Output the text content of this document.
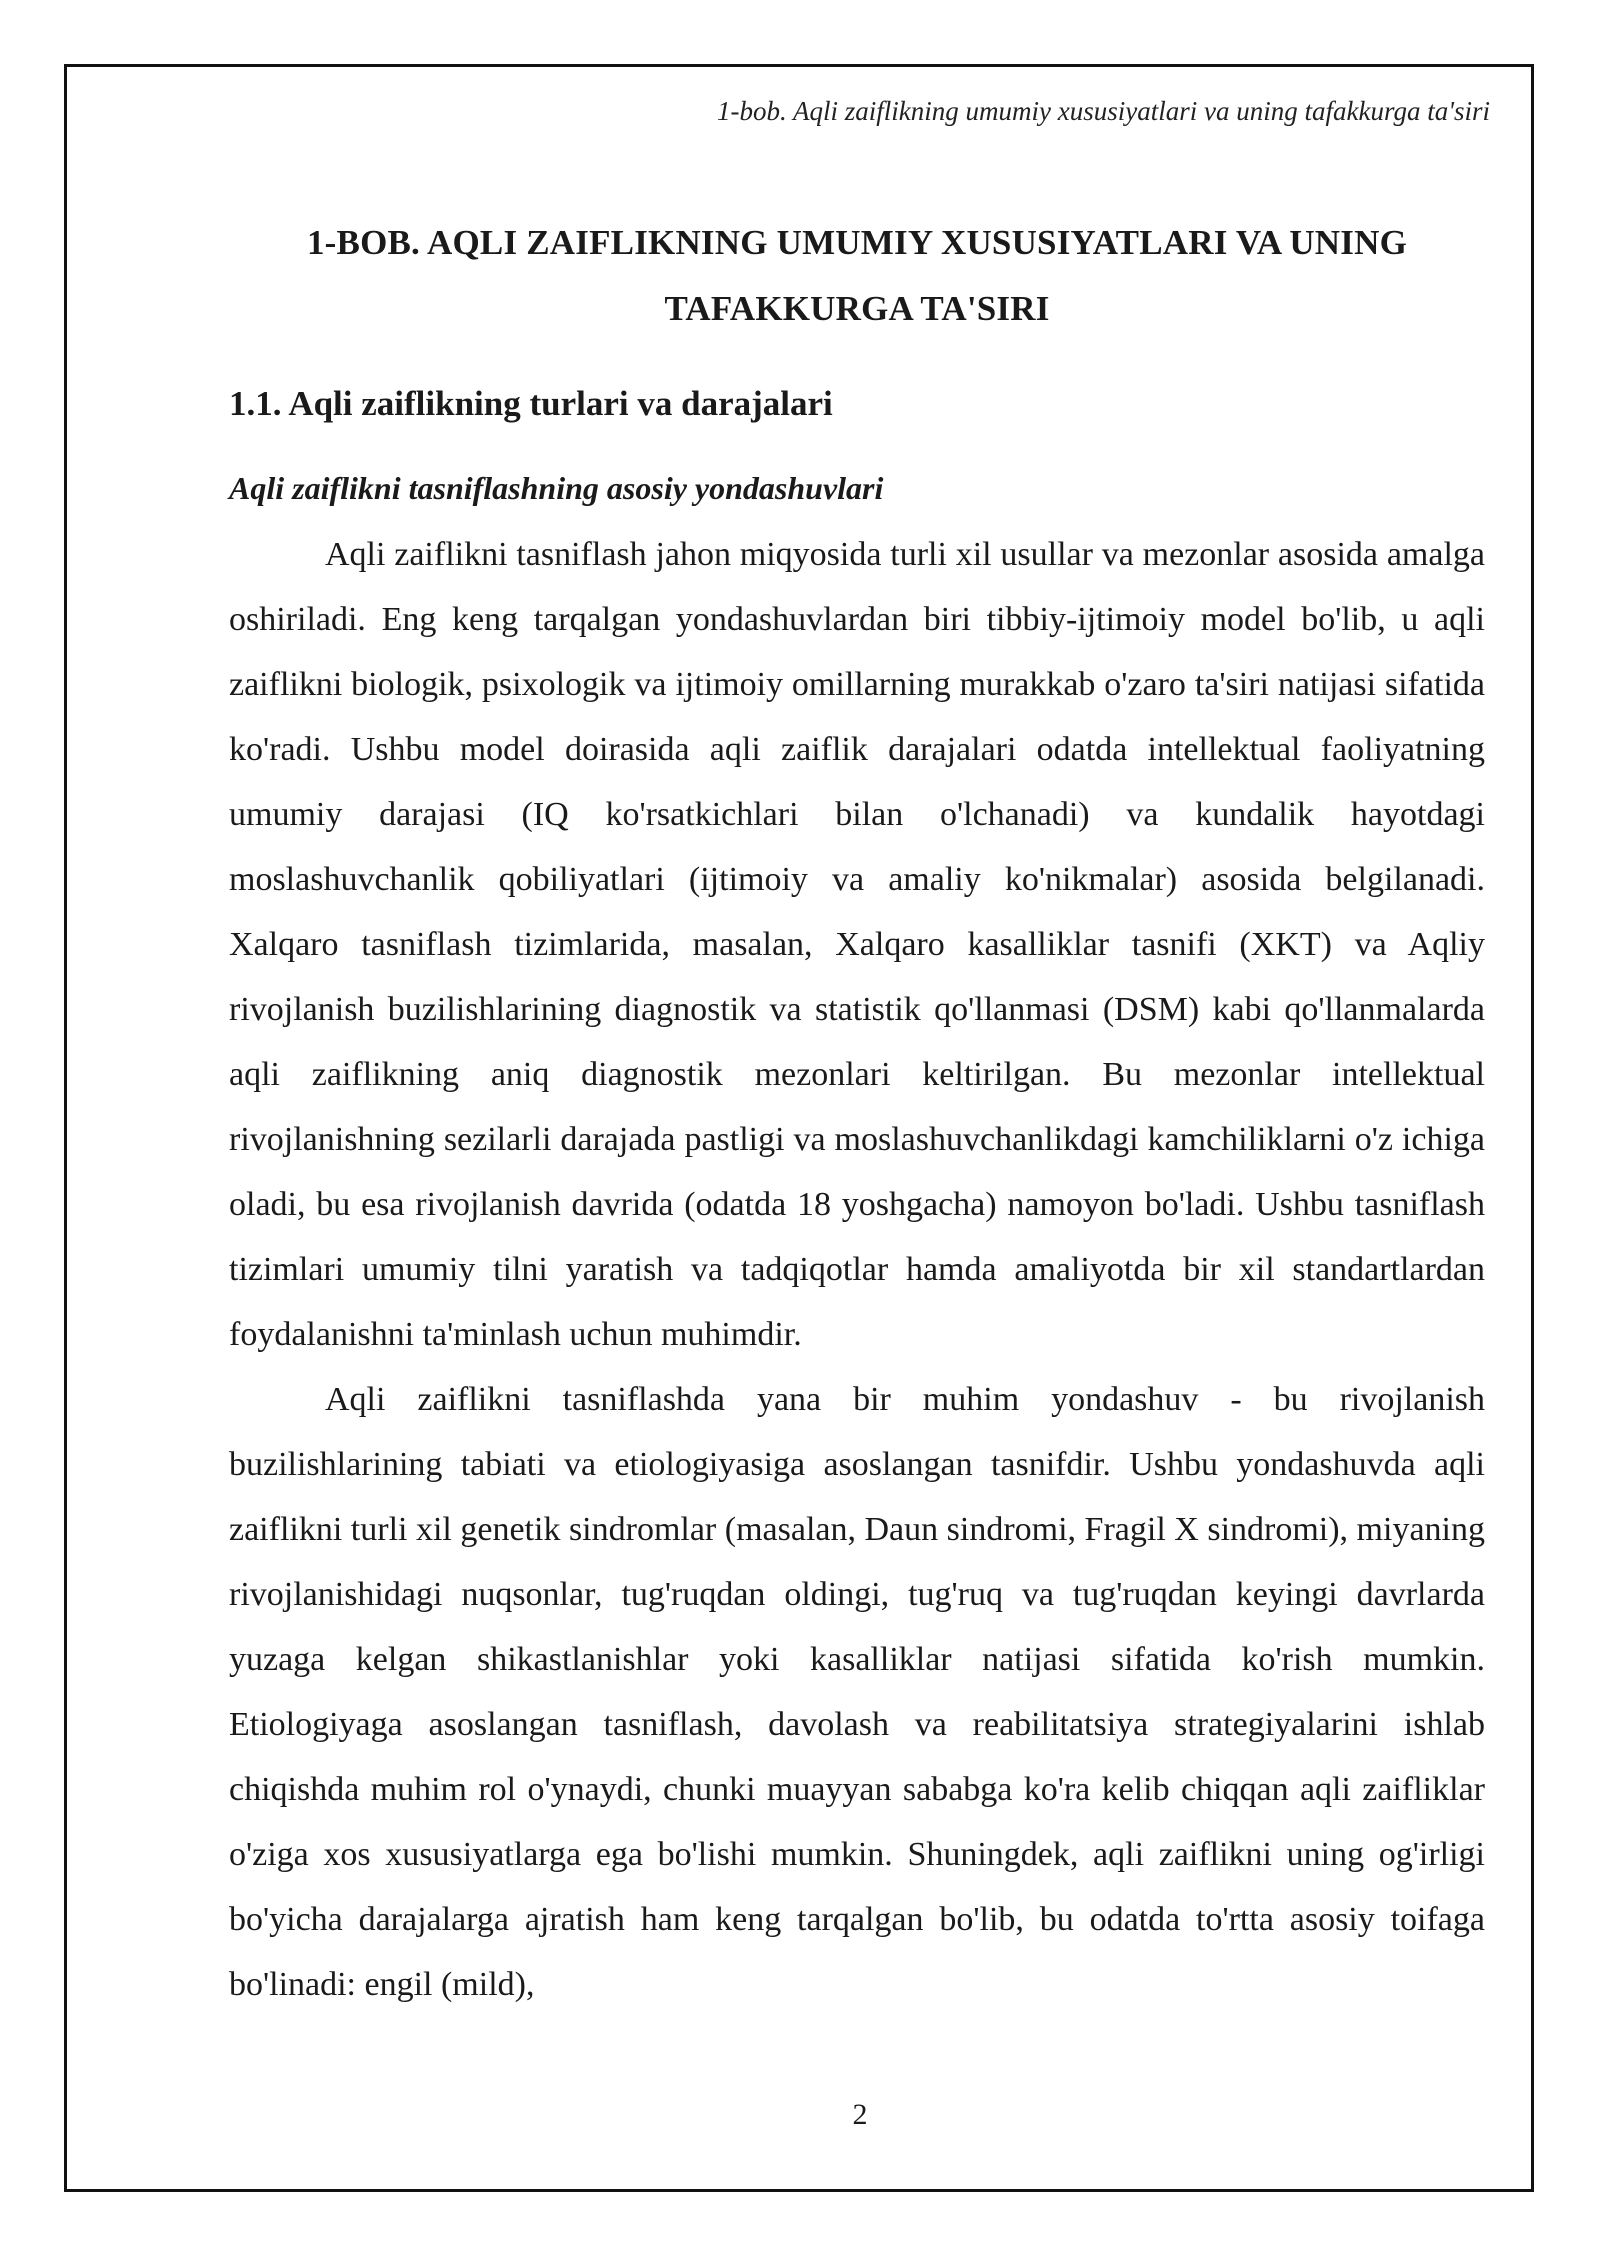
1-bob. Aqli zaiflikning umumiy xususiyatlari va uning tafakkurga ta'siri
1-BOB. AQLI ZAIFLIKNING UMUMIY XUSUSIYATLARI VA UNING TAFAKKURGA TA'SIRI
1.1. Aqli zaiflikning turlari va darajalari
Aqli zaiflikni tasniflashning asosiy yondashuvlari

Aqli zaiflikni tasniflash jahon miqyosida turli xil usullar va mezonlar asosida amalga oshiriladi. Eng keng tarqalgan yondashuvlardan biri tibbiy-ijtimoiy model bo'lib, u aqli zaiflikni biologik, psixologik va ijtimoiy omillarning murakkab o'zaro ta'siri natijasi sifatida ko'radi. Ushbu model doirasida aqli zaiflik darajalari odatda intellektual faoliyatning umumiy darajasi (IQ ko'rsatkichlari bilan o'lchanadi) va kundalik hayotdagi moslashuvchanlik qobiliyatlari (ijtimoiy va amaliy ko'nikmalar) asosida belgilanadi. Xalqaro tasniflash tizimlarida, masalan, Xalqaro kasalliklar tasnifi (XKT) va Aqliy rivojlanish buzilishlarining diagnostik va statistik qo'llanmasi (DSM) kabi qo'llanmalarda aqli zaiflikning aniq diagnostik mezonlari keltirilgan. Bu mezonlar intellektual rivojlanishning sezilarli darajada pastligi va moslashuvchanlikdagi kamchiliklarni o'z ichiga oladi, bu esa rivojlanish davrida (odatda 18 yoshgacha) namoyon bo'ladi. Ushbu tasniflash tizimlari umumiy tilni yaratish va tadqiqotlar hamda amaliyotda bir xil standartlardan foydalanishni ta'minlash uchun muhimdir.

Aqli zaiflikni tasniflashda yana bir muhim yondashuv - bu rivojlanish buzilishlarining tabiati va etiologiyasiga asoslangan tasnifdir. Ushbu yondashuvda aqli zaiflikni turli xil genetik sindromlar (masalan, Daun sindromi, Fragil X sindromi), miyaning rivojlanishidagi nuqsonlar, tug'ruqdan oldingi, tug'ruq va tug'ruqdan keyingi davrlarda yuzaga kelgan shikastlanishlar yoki kasalliklar natijasi sifatida ko'rish mumkin. Etiologiyaga asoslangan tasniflash, davolash va reabilitatsiya strategiyalarini ishlab chiqishda muhim rol o'ynaydi, chunki muayyan sababga ko'ra kelib chiqqan aqli zaifliklar o'ziga xos xususiyatlarga ega bo'lishi mumkin. Shuningdek, aqli zaiflikni uning og'irligi bo'yicha darajalarga ajratish ham keng tarqalgan bo'lib, bu odatda to'rtta asosiy toifaga bo'linadi: engil (mild),

2
